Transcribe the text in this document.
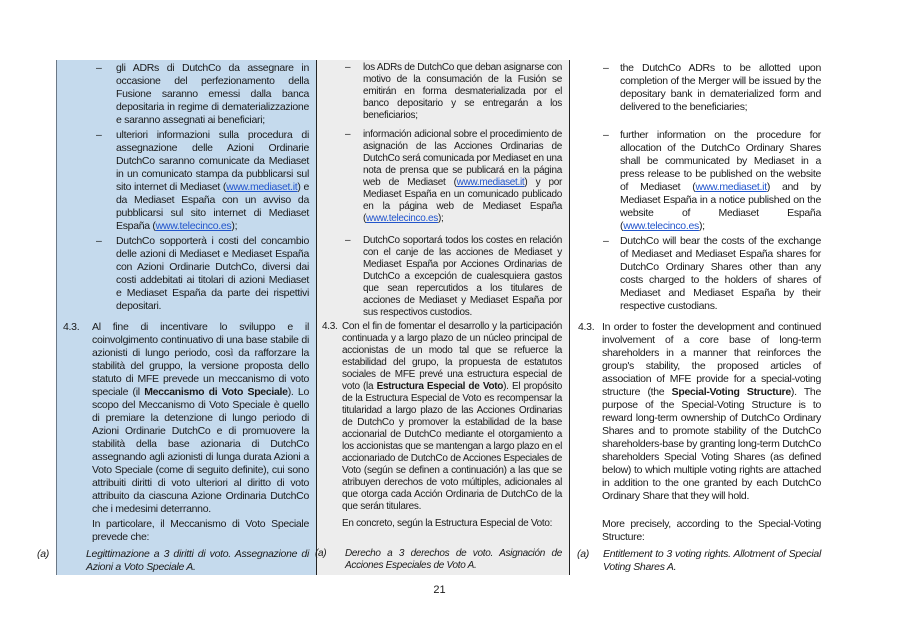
–	gli ADRs di DutchCo da assegnare in occasione del perfezionamento della Fusione saranno emessi dalla banca depositaria in regime di dematerializzazione e saranno assegnati ai beneficiari;

–	los ADRs de DutchCo que deban asignarse con motivo de la consumación de la Fusión se emitirán en forma desmaterializada por el banco depositario y se entregarán a los beneficiarios;

–	the DutchCo ADRs to be allotted upon completion of the Merger will be issued by the depositary bank in dematerialized form and delivered to the beneficiaries;

–	ulteriori informazioni sulla procedura di assegnazione delle Azioni Ordinarie DutchCo saranno comunicate da Mediaset in un comunicato stampa da pubblicarsi sul sito internet di Mediaset (www.mediaset.it) e da Mediaset España con un avviso da pubblicarsi sul sito internet di Mediaset España (www.telecinco.es);

–	información adicional sobre el procedimiento de asignación de las Acciones Ordinarias de DutchCo será comunicada por Mediaset en una nota de prensa que se publicará en la página web de Mediaset (www.mediaset.it) y por Mediaset España en un comunicado publicado en la página web de Mediaset España (www.telecinco.es);

–	further information on the procedure for allocation of the DutchCo Ordinary Shares shall be communicated by Mediaset in a press release to be published on the website of Mediaset (www.mediaset.it) and by Mediaset España in a notice published on the website of Mediaset España (www.telecinco.es);

–	DutchCo sopporterà i costi del concambio delle azioni di Mediaset e Mediaset España con Azioni Ordinarie DutchCo, diversi dai costi addebitati ai titolari di azioni Mediaset e Mediaset España da parte dei rispettivi depositari.

–	DutchCo soportará todos los costes en relación con el canje de las acciones de Mediaset y Mediaset España por Acciones Ordinarias de DutchCo a excepción de cualesquiera gastos que sean repercutidos a los titulares de acciones de Mediaset y Mediaset España por sus respectivos custodios.

–	DutchCo will bear the costs of the exchange of Mediaset and Mediaset España shares for DutchCo Ordinary Shares other than any costs charged to the holders of shares of Mediaset and Mediaset España by their respective custodians.

4.3.	Al fine di incentivare lo sviluppo e il coinvolgimento continuativo di una base stabile di azionisti di lungo periodo, così da rafforzare la stabilità del gruppo, la versione proposta dello statuto di MFE prevede un meccanismo di voto speciale (il Meccanismo di Voto Speciale). Lo scopo del Meccanismo di Voto Speciale è quello di premiare la detenzione di lungo periodo di Azioni Ordinarie DutchCo e di promuovere la stabilità della base azionaria di DutchCo assegnando agli azionisti di lunga durata Azioni a Voto Speciale (come di seguito definite), cui sono attribuiti diritti di voto ulteriori al diritto di voto attribuito da ciascuna Azione Ordinaria DutchCo che i medesimi deterranno.

4.3. Con el fin de fomentar el desarrollo y la participación continuada y a largo plazo de un núcleo principal de accionistas de un modo tal que se refuerce la estabilidad del grupo, la propuesta de estatutos sociales de MFE prevé una estructura especial de voto (la Estructura Especial de Voto). El propósito de la Estructura Especial de Voto es recompensar la titularidad a largo plazo de las Acciones Ordinarias de DutchCo y promover la estabilidad de la base accionarial de DutchCo mediante el otorgamiento a los accionistas que se mantengan a largo plazo en el accionariado de DutchCo de Acciones Especiales de Voto (según se definen a continuación) a las que se atribuyen derechos de voto múltiples, adicionales al que otorga cada Acción Ordinaria de DutchCo de la que serán titulares.

4.3. In order to foster the development and continued involvement of a core base of long-term shareholders in a manner that reinforces the group's stability, the proposed articles of association of MFE provide for a special-voting structure (the Special-Voting Structure). The purpose of the Special-Voting Structure is to reward long-term ownership of DutchCo Ordinary Shares and to promote stability of the DutchCo shareholders-base by granting long-term DutchCo shareholders Special Voting Shares (as defined below) to which multiple voting rights are attached in addition to the one granted by each DutchCo Ordinary Share that they will hold.

In particolare, il Meccanismo di Voto Speciale prevede che:

En concreto, según la Estructura Especial de Voto:	More precisely, according to the Special-Voting Structure:

(a)	Legittimazione a 3 diritti di voto. Assegnazione di Azioni a Voto Speciale A.

(a)	Derecho a 3 derechos de voto. Asignación de Acciones Especiales de Voto A.

(a)	Entitlement to 3 voting rights. Allotment of Special Voting Shares A.

21
